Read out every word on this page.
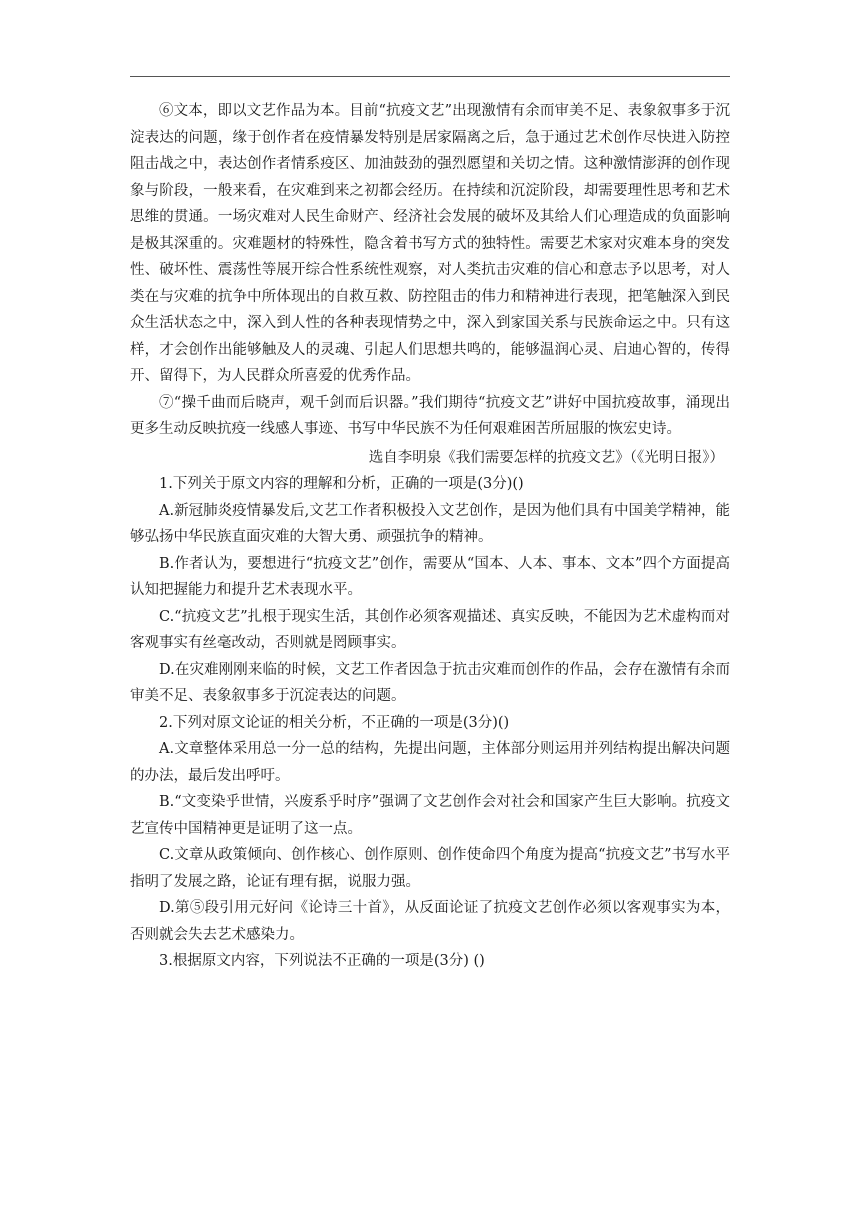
⑥文本，即以文艺作品为本。目前“抗疫文艺”出现激情有余而审美不足、表象叙事多于沉淀表达的问题，缘于创作者在疫情暴发特别是居家隔离之后，急于通过艺术创作尽快进入防控阻击战之中，表达创作者情系疫区、加油鼓劲的强烈愿望和关切之情。这种激情澎湃的创作现象与阶段，一般来看，在灾难到来之初都会经历。在持续和沉淀阶段，却需要理性思考和艺术思维的贯通。一场灾难对人民生命财产、经济社会发展的破坏及其给人们心理造成的负面影响是极其深重的。灾难题材的特殊性，隐含着书写方式的独特性。需要艺术家对灾难本身的突发性、破坏性、震荡性等展开综合性系统性观察，对人类抗击灾难的信心和意志予以思考，对人类在与灾难的抗争中所体现出的自救互救、防控阻击的伟力和精神进行表现，把笔触深入到民众生活状态之中，深入到人性的各种表现情势之中，深入到家国关系与民族命运之中。只有这样，才会创作出能够触及人的灵魂、引起人们思想共鸣的，能够温润心灵、启迪心智的，传得开、留得下，为人民群众所喜爱的优秀作品。

⑦“操千曲而后晓声，观千剑而后识器。”我们期待“抗疫文艺”讲好中国抗疫故事，涌现出更多生动反映抗疫一线感人事迹、书写中华民族不为任何艰难困苦所屈服的恢宏史诗。

选自李明泉《我们需要怎样的抗疫文艺》（《光明日报》）

1.下列关于原文内容的理解和分析，正确的一项是(3分)()

A.新冠肺炎疫情暴发后,文艺工作者积极投入文艺创作，是因为他们具有中国美学精神，能够弘扬中华民族直面灾难的大智大勇、顽强抗争的精神。

B.作者认为，要想进行“抗疫文艺”创作，需要从“国本、人本、事本、文本”四个方面提高认知把握能力和提升艺术表现水平。

C.“抗疫文艺”扎根于现实生活，其创作必须客观描述、真实反映，不能因为艺术虚构而对客观事实有丝毫改动，否则就是罔顾事实。

D.在灾难刚刚来临的时候，文艺工作者因急于抗击灾难而创作的作品，会存在激情有余而审美不足、表象叙事多于沉淀表达的问题。

2.下列对原文论证的相关分析，不正确的一项是(3分)()

A.文章整体采用总一分一总的结构，先提出问题，主体部分则运用并列结构提出解决问题的办法，最后发出呼吁。

B.“文变染乎世情，兴废系乎时序”强调了文艺创作会对社会和国家产生巨大影响。抗疫文艺宣传中国精神更是证明了这一点。

C.文章从政策倾向、创作核心、创作原则、创作使命四个角度为提高“抗疫文艺”书写水平指明了发展之路，论证有理有据，说服力强。

D.第⑤段引用元好问《论诗三十首》，从反面论证了抗疫文艺创作必须以客观事实为本，否则就会失去艺术感染力。

3.根据原文内容，下列说法不正确的一项是(3分) ()
